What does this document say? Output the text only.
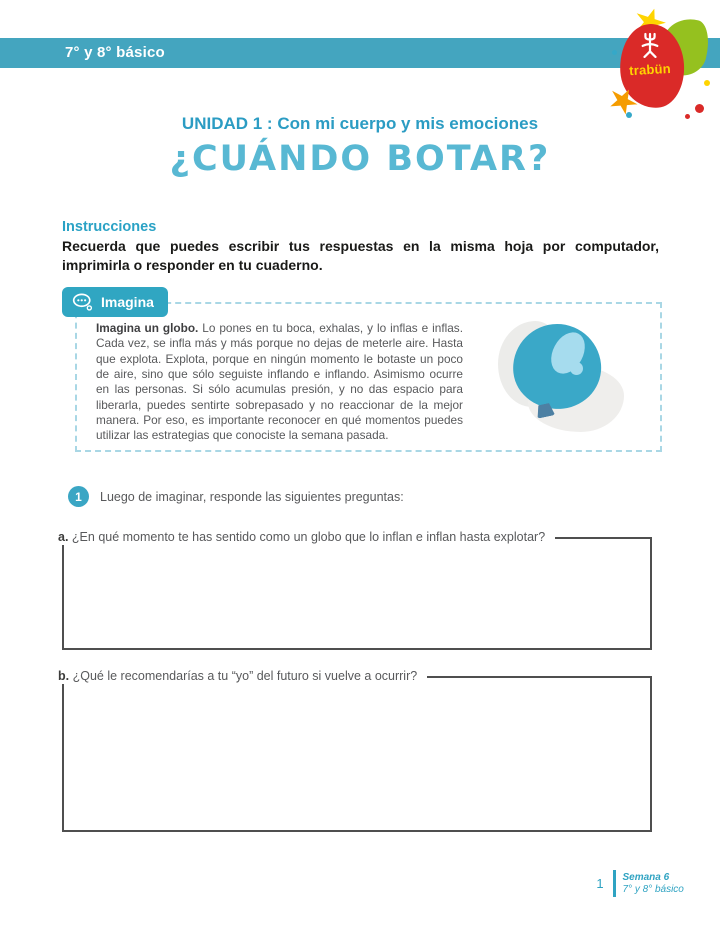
7° y 8° básico
trabün
UNIDAD 1 : Con mi cuerpo y mis emociones
¿CUÁNDO BOTAR?
Instrucciones
Recuerda que puedes escribir tus respuestas en la misma hoja por computador, imprimirla o responder en tu cuaderno.
Imagina
Imagina un globo. Lo pones en tu boca, exhalas, y lo inflas e inflas. Cada vez, se infla más y más porque no dejas de meterle aire. Hasta que explota. Explota, porque en ningún momento le botaste un poco de aire, sino que sólo seguiste inflando e inflando. Asimismo ocurre en las personas. Si sólo acumulas presión, y no das espacio para liberarla, puedes sentirte sobrepasado y no reaccionar de la mejor manera. Por eso, es importante reconocer en qué momentos puedes utilizar las estrategias que conociste la semana pasada.
1	Luego de imaginar, responde las siguientes preguntas:
a. ¿En qué momento te has sentido como un globo que lo inflan e inflan hasta explotar?
b. ¿Qué le recomendarías a tu “yo” del futuro si vuelve a ocurrir?
1	Semana 6
7° y 8° básico
